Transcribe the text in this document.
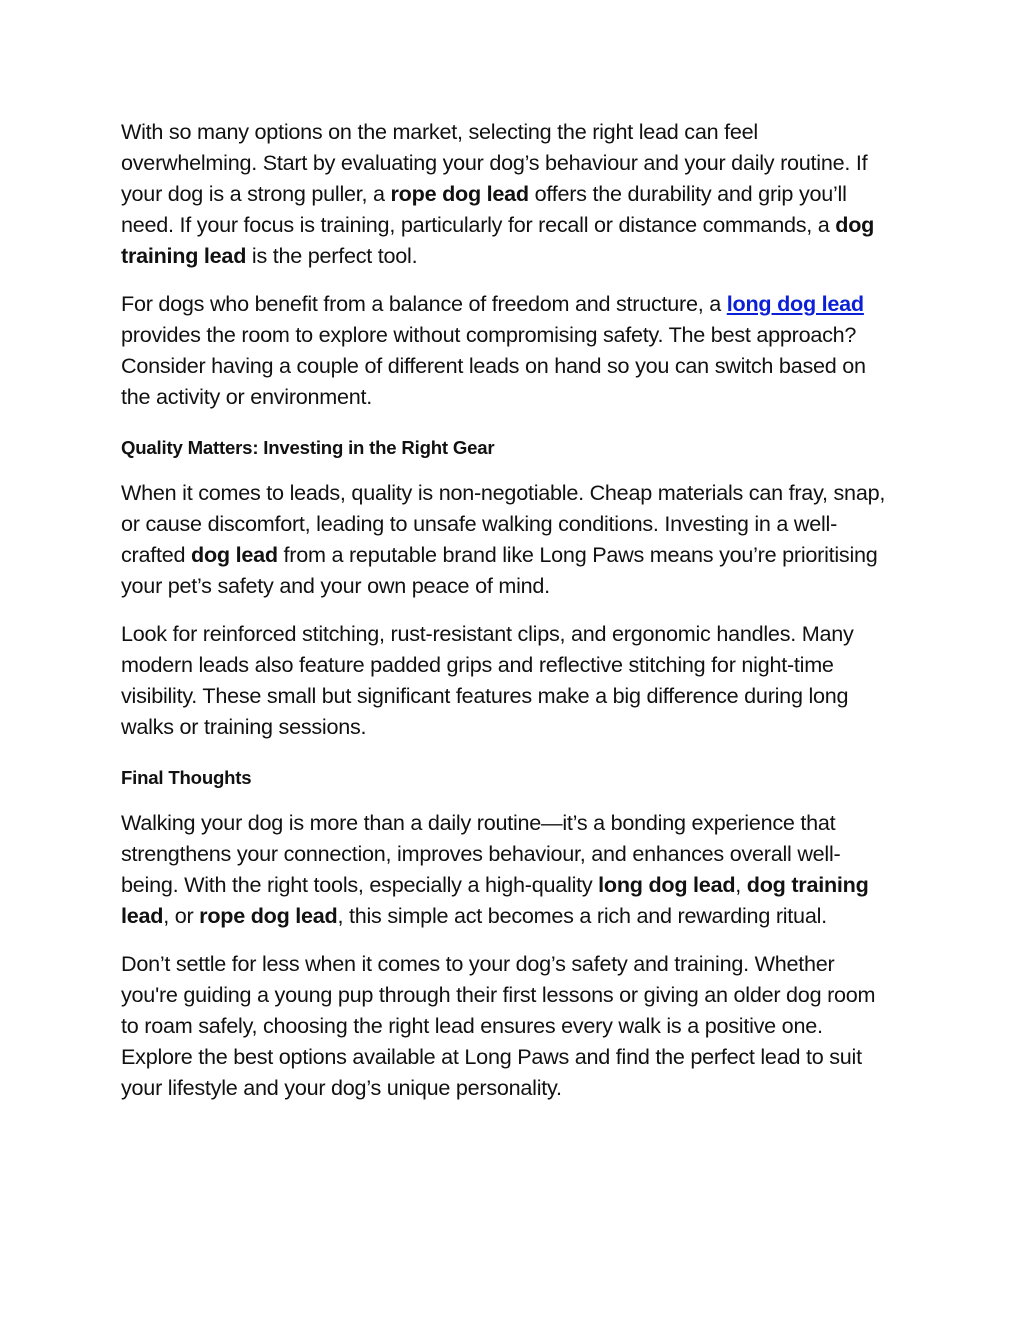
With so many options on the market, selecting the right lead can feel overwhelming. Start by evaluating your dog’s behaviour and your daily routine. If your dog is a strong puller, a rope dog lead offers the durability and grip you’ll need. If your focus is training, particularly for recall or distance commands, a dog training lead is the perfect tool.

For dogs who benefit from a balance of freedom and structure, a long dog lead provides the room to explore without compromising safety. The best approach? Consider having a couple of different leads on hand so you can switch based on the activity or environment.

Quality Matters: Investing in the Right Gear

When it comes to leads, quality is non-negotiable. Cheap materials can fray, snap, or cause discomfort, leading to unsafe walking conditions. Investing in a well-crafted dog lead from a reputable brand like Long Paws means you’re prioritising your pet’s safety and your own peace of mind.

Look for reinforced stitching, rust-resistant clips, and ergonomic handles. Many modern leads also feature padded grips and reflective stitching for night-time visibility. These small but significant features make a big difference during long walks or training sessions.

Final Thoughts

Walking your dog is more than a daily routine—it’s a bonding experience that strengthens your connection, improves behaviour, and enhances overall well-being. With the right tools, especially a high-quality long dog lead, dog training lead, or rope dog lead, this simple act becomes a rich and rewarding ritual.

Don’t settle for less when it comes to your dog’s safety and training. Whether you're guiding a young pup through their first lessons or giving an older dog room to roam safely, choosing the right lead ensures every walk is a positive one. Explore the best options available at Long Paws and find the perfect lead to suit your lifestyle and your dog’s unique personality.
